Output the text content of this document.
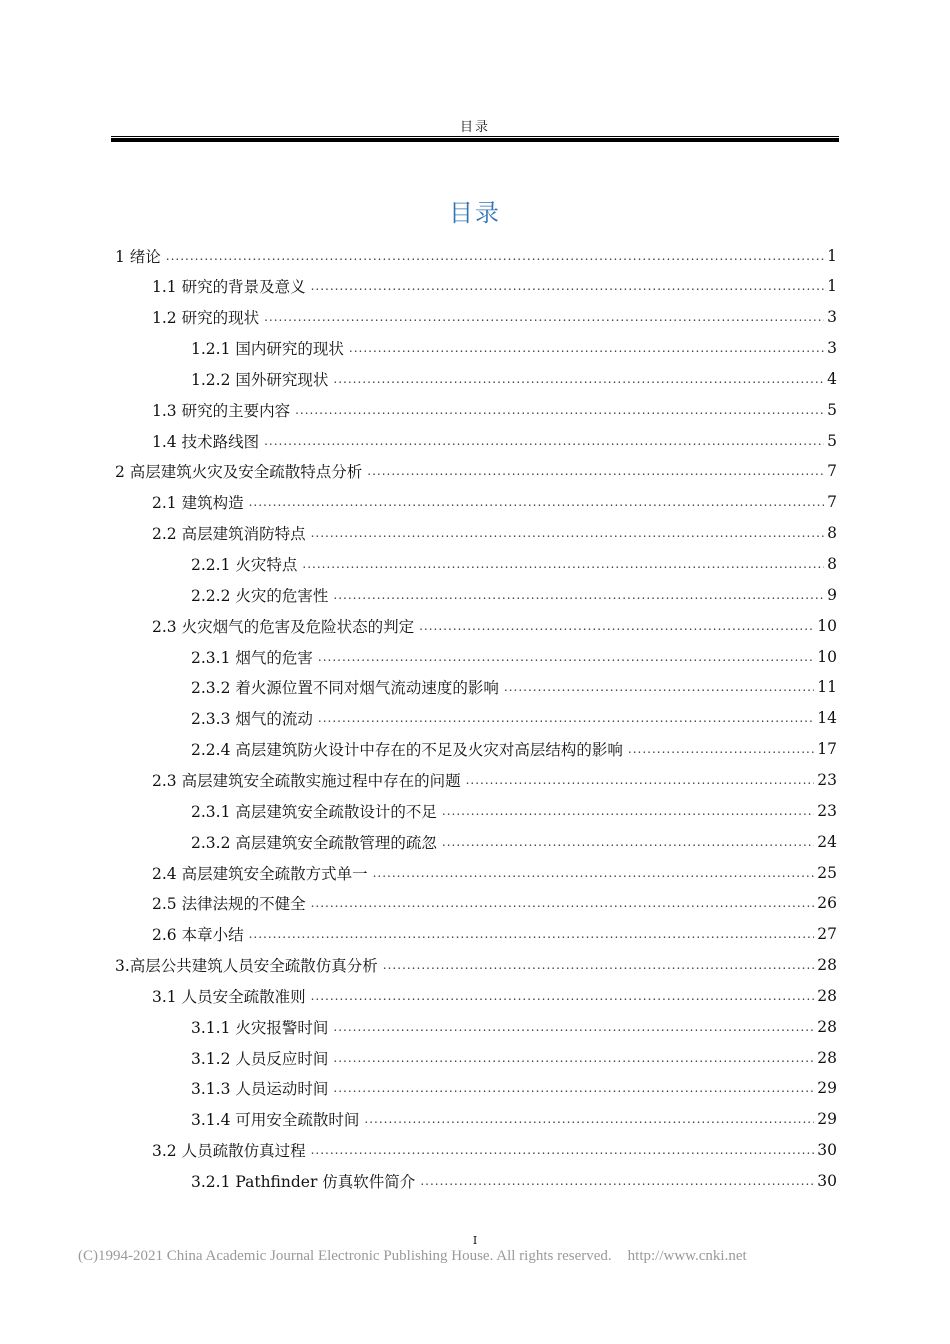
目录
目录
1 绪论 .....	1
1.1 研究的背景及意义 .....	1
1.2 研究的现状 .....	3
1.2.1 国内研究的现状 .....	3
1.2.2 国外研究现状 .....	4
1.3 研究的主要内容 .....	5
1.4 技术路线图 .....	5
2 高层建筑火灾及安全疏散特点分析 .....	7
2.1 建筑构造 .....	7
2.2 高层建筑消防特点 .....	8
2.2.1 火灾特点 .....	8
2.2.2 火灾的危害性 .....	9
2.3 火灾烟气的危害及危险状态的判定 .....	10
2.3.1 烟气的危害 .....	10
2.3.2 着火源位置不同对烟气流动速度的影响 .....	11
2.3.3 烟气的流动 .....	14
2.2.4 高层建筑防火设计中存在的不足及火灾对高层结构的影响 .....	17
2.3 高层建筑安全疏散实施过程中存在的问题 .....	23
2.3.1 高层建筑安全疏散设计的不足 .....	23
2.3.2 高层建筑安全疏散管理的疏忽 .....	24
2.4 高层建筑安全疏散方式单一 .....	25
2.5 法律法规的不健全 .....	26
2.6 本章小结 .....	27
3.高层公共建筑人员安全疏散仿真分析 .....	28
3.1 人员安全疏散准则 .....	28
3.1.1 火灾报警时间 .....	28
3.1.2 人员反应时间 .....	28
3.1.3 人员运动时间 .....	29
3.1.4 可用安全疏散时间 .....	29
3.2 人员疏散仿真过程 .....	30
3.2.1 Pathfinder 仿真软件简介 .....	30
I
(C)1994-2021 China Academic Journal Electronic Publishing House. All rights reserved. http://www.cnki.net
